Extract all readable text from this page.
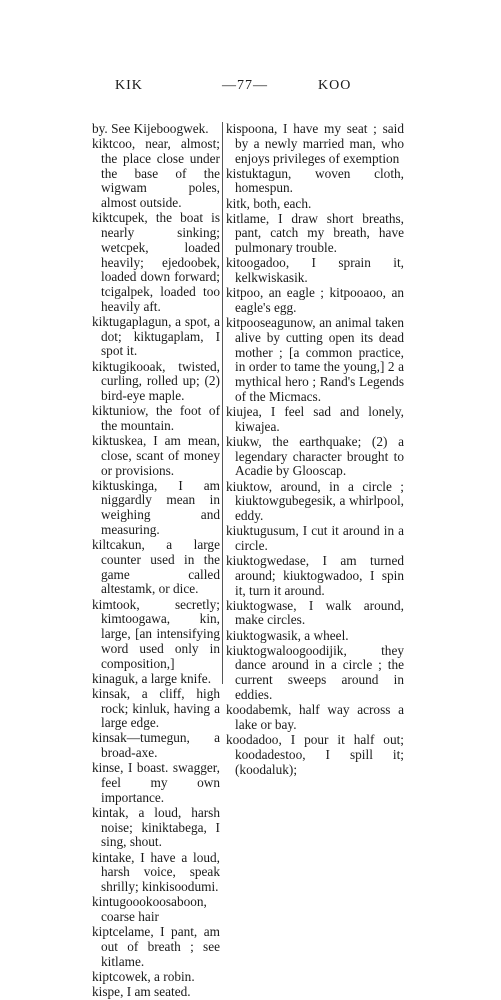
KIK	—77—	KOO

by. See Kijeboogwek.

kiktcoo, near, almost; the place close under the base of the wigwam poles, almost outside.

kiktcupek, the boat is nearly sinking; wetcpek, loaded heavily; ejedoobek, loaded down forward; tcigalpek, loaded too heavily aft.

kiktugaplagun, a spot, a dot; kiktugaplam, I spot it.

kiktugikooak, twisted, curling, rolled up; (2) bird-eye maple.

kiktuniow, the foot of the mountain.

kiktuskea, I am mean, close, scant of money or provisions.

kiktuskinga, I am niggardly mean in weighing and measuring.

kiltcakun, a large counter used in the game called altestamk, or dice.

kimtook, secretly; kimtoogawa, kin, large, [an intensifying word used only in composition,]

kinaguk, a large knife.

kinsak, a cliff, high rock; kinluk, having a large edge.

kinsak—tumegun, a broad-axe.

kinse, I boast. swagger, feel my own importance.

kintak, a loud, harsh noise; kiniktabega, I sing, shout.

kintake, I have a loud, harsh voice, speak shrilly; kinkisoodumi.

kintugoookoosaboon, coarse hair

kiptcelame, I pant, am out of breath ; see kitlame.

kiptcowek, a robin.

kispe, I am seated.

kispoona, I have my seat ; said by a newly married man, who enjoys privileges of exemption

kistuktagun, woven cloth, homespun.

kitk, both, each.

kitlame, I draw short breaths, pant, catch my breath, have pulmonary trouble.

kitoogadoo, I sprain it, kelkwiskasik.

kitpoo, an eagle ; kitpooaoo, an eagle's egg.

kitpooseagunow, an animal taken alive by cutting open its dead mother ; [a common practice, in order to tame the young,] 2 a mythical hero ; Rand's Legends of the Micmacs.

kiujea, I feel sad and lonely, kiwajea.

kiukw, the earthquake; (2) a legendary character brought to Acadie by Glooscap.

kiuktow, around, in a circle ; kiuktowgubegesik, a whirlpool, eddy.

kiuktugusum, I cut it around in a circle.

kiuktogwedase, I am turned around; kiuktogwadoo, I spin it, turn it around.

kiuktogwase, I walk around, make circles.

kiuktogwasik, a wheel.

kiuktogwaloogoodijik, they dance around in a circle ; the current sweeps around in eddies.

koodabemk, half way across a lake or bay.

koodadoo, I pour it half out; koodadestoo, I spill it; (koodaluk);
